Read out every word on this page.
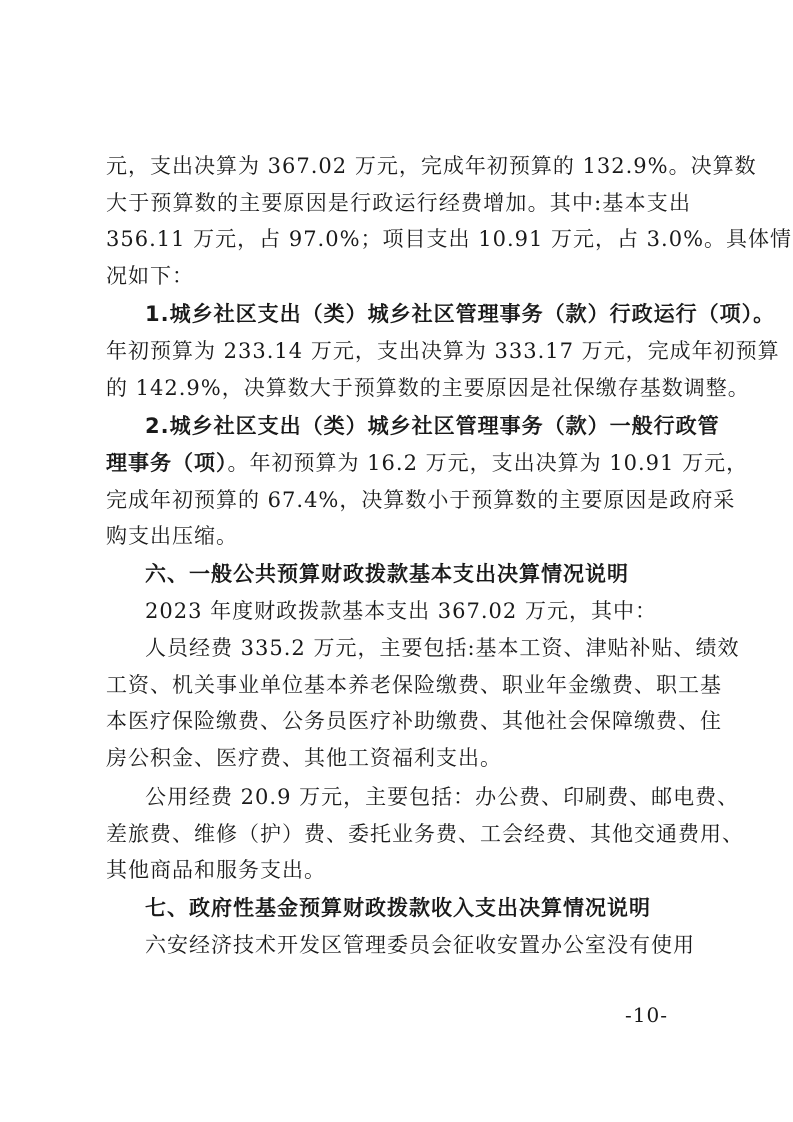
元，支出决算为 367.02 万元，完成年初预算的 132.9%。决算数
大于预算数的主要原因是行政运行经费增加。其中:基本支出
356.11 万元，占 97.0%；项目支出 10.91 万元，占 3.0%。具体情
况如下：
1.城乡社区支出（类）城乡社区管理事务（款）行政运行（项）。
年初预算为 233.14 万元，支出决算为 333.17 万元，完成年初预算
的 142.9%，决算数大于预算数的主要原因是社保缴存基数调整。
2.城乡社区支出（类）城乡社区管理事务（款）一般行政管
理事务（项）。年初预算为 16.2 万元，支出决算为 10.91 万元，
完成年初预算的 67.4%，决算数小于预算数的主要原因是政府采
购支出压缩。
六、一般公共预算财政拨款基本支出决算情况说明
2023 年度财政拨款基本支出 367.02 万元，其中：
人员经费 335.2 万元，主要包括:基本工资、津贴补贴、绩效
工资、机关事业单位基本养老保险缴费、职业年金缴费、职工基
本医疗保险缴费、公务员医疗补助缴费、其他社会保障缴费、住
房公积金、医疗费、其他工资福利支出。
公用经费 20.9 万元，主要包括：办公费、印刷费、邮电费、
差旅费、维修（护）费、委托业务费、工会经费、其他交通费用、
其他商品和服务支出。
七、政府性基金预算财政拨款收入支出决算情况说明
六安经济技术开发区管理委员会征收安置办公室没有使用
-10-
